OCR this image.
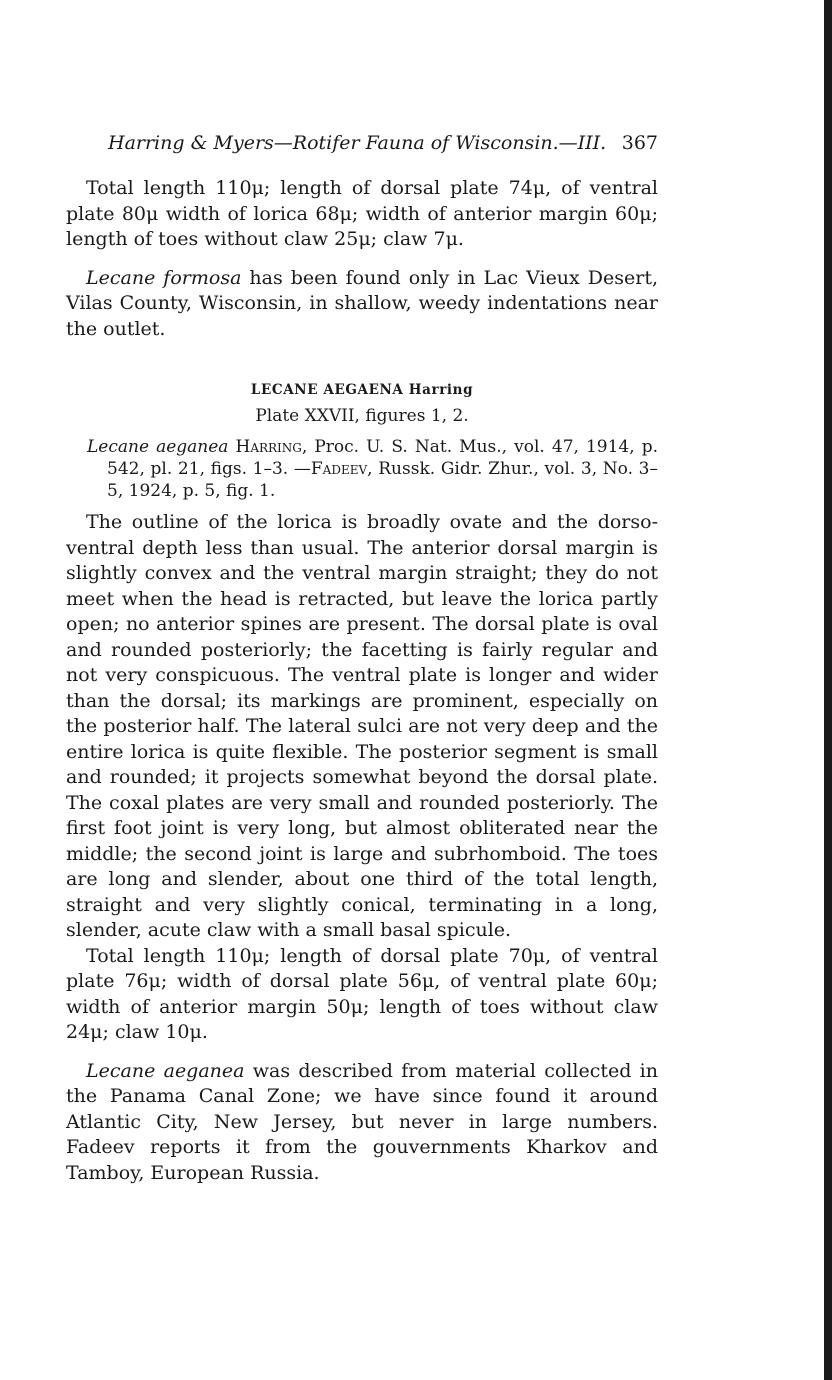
Harring & Myers—Rotifer Fauna of Wisconsin.—III. 367

Total length 110μ; length of dorsal plate 74μ, of ventral plate 80μ width of lorica 68μ; width of anterior margin 60μ; length of toes without claw 25μ; claw 7μ.

Lecane formosa has been found only in Lac Vieux Desert, Vilas County, Wisconsin, in shallow, weedy indentations near the outlet.

LECANE AEGAENA Harring
Plate XXVII, figures 1, 2.
Lecane aeganea Harring, Proc. U. S. Nat. Mus., vol. 47, 1914, p. 542, pl. 21, figs. 1–3. —Fadeev, Russk. Gidr. Zhur., vol. 3, No. 3–5, 1924, p. 5, fig. 1.

The outline of the lorica is broadly ovate and the dorso-ventral depth less than usual. The anterior dorsal margin is slightly convex and the ventral margin straight; they do not meet when the head is retracted, but leave the lorica partly open; no anterior spines are present. The dorsal plate is oval and rounded posteriorly; the facetting is fairly regular and not very conspicuous. The ventral plate is longer and wider than the dorsal; its markings are prominent, especially on the posterior half. The lateral sulci are not very deep and the entire lorica is quite flexible. The posterior segment is small and rounded; it projects somewhat beyond the dorsal plate. The coxal plates are very small and rounded posteriorly. The first foot joint is very long, but almost obliterated near the middle; the second joint is large and subrhomboid. The toes are long and slender, about one third of the total length, straight and very slightly conical, terminating in a long, slender, acute claw with a small basal spicule.

Total length 110μ; length of dorsal plate 70μ, of ventral plate 76μ; width of dorsal plate 56μ, of ventral plate 60μ; width of anterior margin 50μ; length of toes without claw 24μ; claw 10μ.

Lecane aeganea was described from material collected in the Panama Canal Zone; we have since found it around Atlantic City, New Jersey, but never in large numbers. Fadeev reports it from the gouvernments Kharkov and Tamboy, European Russia.
